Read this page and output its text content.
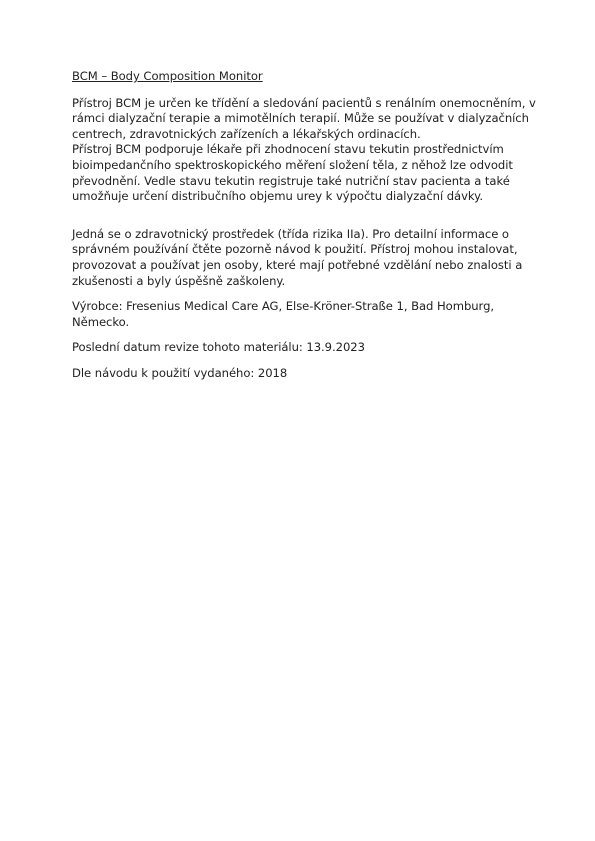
BCM – Body Composition Monitor
Přístroj BCM je určen ke třídění a sledování pacientů s renálním onemocněním, v
rámci dialyzační terapie a mimotělních terapií. Může se používat v dialyzačních
centrech, zdravotnických zařízeních a lékařských ordinacích.
Přístroj BCM podporuje lékaře při zhodnocení stavu tekutin prostřednictvím
bioimpedančního spektroskopického měření složení těla, z něhož lze odvodit
převodnění. Vedle stavu tekutin registruje také nutriční stav pacienta a také
umožňuje určení distribučního objemu urey k výpočtu dialyzační dávky.
Jedná se o zdravotnický prostředek (třída rizika IIa). Pro detailní informace o
správném používání čtěte pozorně návod k použití. Přístroj mohou instalovat,
provozovat a používat jen osoby, které mají potřebné vzdělání nebo znalosti a
zkušenosti a byly úspěšně zaškoleny.
Výrobce: Fresenius Medical Care AG, Else-Kröner-Straße 1, Bad Homburg,
Německo.
Poslední datum revize tohoto materiálu: 13.9.2023
Dle návodu k použití vydaného: 2018
